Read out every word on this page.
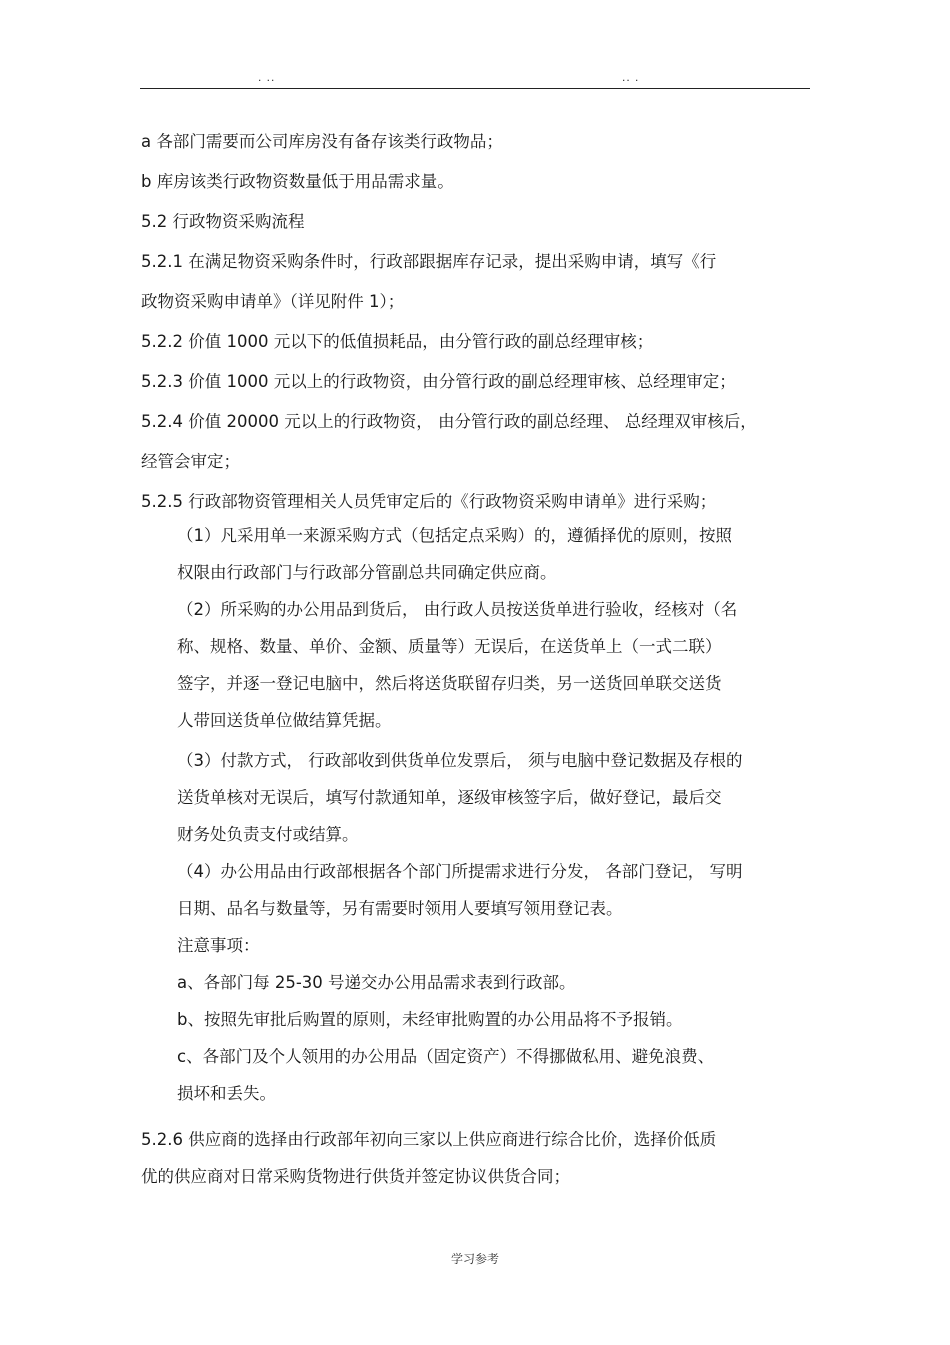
. ..	.. .
a 各部门需要而公司库房没有备存该类行政物品；
b 库房该类行政物资数量低于用品需求量。
5.2 行政物资采购流程
5.2.1 在满足物资采购条件时，行政部跟据库存记录，提出采购申请，填写《行
政物资采购申请单》（详见附件 1）；
5.2.2 价值 1000 元以下的低值损耗品，由分管行政的副总经理审核；
5.2.3 价值 1000 元以上的行政物资，由分管行政的副总经理审核、总经理审定；
5.2.4 价值 20000 元以上的行政物资， 由分管行政的副总经理、 总经理双审核后，
经管会审定；
5.2.5 行政部物资管理相关人员凭审定后的《行政物资采购申请单》进行采购；
（1）凡采用单一来源采购方式（包括定点采购）的，遵循择优的原则，按照
权限由行政部门与行政部分管副总共同确定供应商。
（2）所采购的办公用品到货后， 由行政人员按送货单进行验收，经核对（名
称、规格、数量、单价、金额、质量等）无误后，在送货单上（一式二联）
签字，并逐一登记电脑中，然后将送货联留存归类，另一送货回单联交送货
人带回送货单位做结算凭据。
（3）付款方式， 行政部收到供货单位发票后， 须与电脑中登记数据及存根的
送货单核对无误后，填写付款通知单，逐级审核签字后，做好登记，最后交
财务处负责支付或结算。
（4）办公用品由行政部根据各个部门所提需求进行分发， 各部门登记， 写明
日期、品名与数量等，另有需要时领用人要填写领用登记表。
注意事项：
a、各部门每 25-30 号递交办公用品需求表到行政部。
b、按照先审批后购置的原则，未经审批购置的办公用品将不予报销。
c、各部门及个人领用的办公用品（固定资产）不得挪做私用、避免浪费、
损坏和丢失。
5.2.6 供应商的选择由行政部年初向三家以上供应商进行综合比价，选择价低质
优的供应商对日常采购货物进行供货并签定协议供货合同；
学习参考
